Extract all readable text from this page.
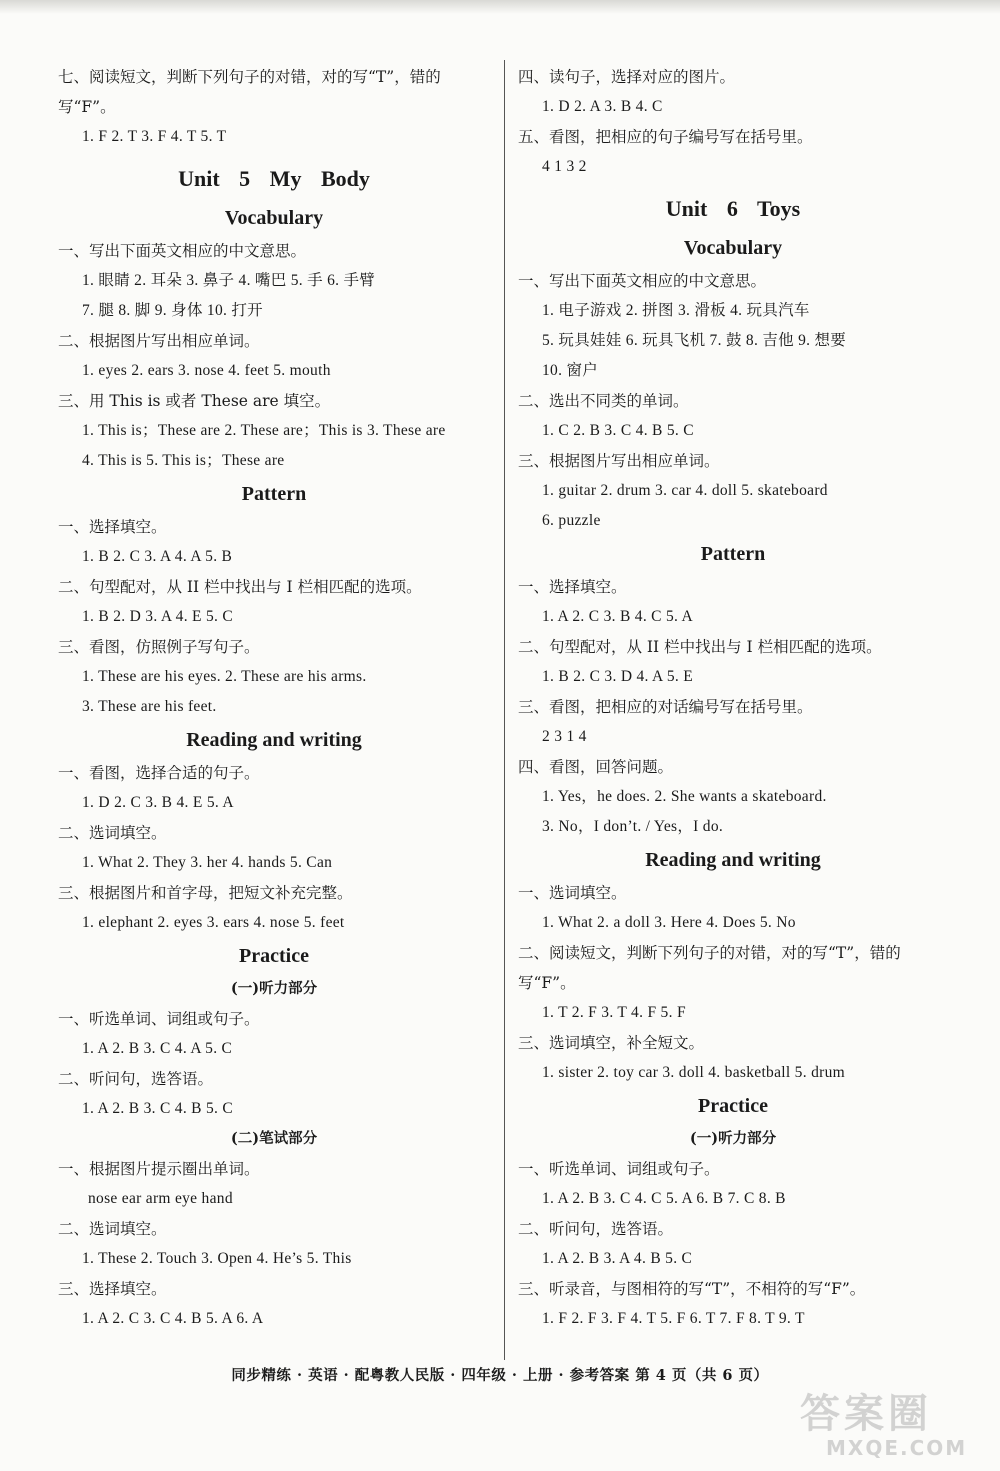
七、阅读短文，判断下列句子的对错，对的写“T”，错的写“F”。
1. F 2. T 3. F 4. T 5. T
Unit 5 My Body
Vocabulary
一、写出下面英文相应的中文意思。
1. 眼睛 2. 耳朵 3. 鼻子 4. 嘴巴 5. 手 6. 手臂
7. 腿 8. 脚 9. 身体 10. 打开
二、根据图片写出相应单词。
1. eyes 2. ears 3. nose 4. feet 5. mouth
三、用 This is 或者 These are 填空。
1. This is；These are 2. These are；This is 3. These are
4. This is 5. This is；These are
Pattern
一、选择填空。
1. B 2. C 3. A 4. A 5. B
二、句型配对，从 II 栏中找出与 I 栏相匹配的选项。
1. B 2. D 3. A 4. E 5. C
三、看图，仿照例子写句子。
1. These are his eyes. 2. These are his arms.
3. These are his feet.
Reading and writing
一、看图，选择合适的句子。
1. D 2. C 3. B 4. E 5. A
二、选词填空。
1. What 2. They 3. her 4. hands 5. Can
三、根据图片和首字母，把短文补充完整。
1. elephant 2. eyes 3. ears 4. nose 5. feet
Practice
(一)听力部分
一、听选单词、词组或句子。
1. A 2. B 3. C 4. A 5. C
二、听问句，选答语。
1. A 2. B 3. C 4. B 5. C
(二)笔试部分
一、根据图片提示圈出单词。
nose ear arm eye hand
二、选词填空。
1. These 2. Touch 3. Open 4. He’s 5. This
三、选择填空。
1. A 2. C 3. C 4. B 5. A 6. A
四、读句子，选择对应的图片。
1. D 2. A 3. B 4. C
五、看图，把相应的句子编号写在括号里。
4 1 3 2
Unit 6 Toys
Vocabulary
一、写出下面英文相应的中文意思。
1. 电子游戏 2. 拼图 3. 滑板 4. 玩具汽车
5. 玩具娃娃 6. 玩具飞机 7. 鼓 8. 吉他 9. 想要
10. 窗户
二、选出不同类的单词。
1. C 2. B 3. C 4. B 5. C
三、根据图片写出相应单词。
1. guitar 2. drum 3. car 4. doll 5. skateboard
6. puzzle
Pattern
一、选择填空。
1. A 2. C 3. B 4. C 5. A
二、句型配对，从 II 栏中找出与 I 栏相匹配的选项。
1. B 2. C 3. D 4. A 5. E
三、看图，把相应的对话编号写在括号里。
2 3 1 4
四、看图，回答问题。
1. Yes，he does. 2. She wants a skateboard.
3. No，I don’t. / Yes，I do.
Reading and writing
一、选词填空。
1. What 2. a doll 3. Here 4. Does 5. No
二、阅读短文，判断下列句子的对错，对的写“T”，错的写“F”。
1. T 2. F 3. T 4. F 5. F
三、选词填空，补全短文。
1. sister 2. toy car 3. doll 4. basketball 5. drum
Practice
(一)听力部分
一、听选单词、词组或句子。
1. A 2. B 3. C 4. C 5. A 6. B 7. C 8. B
二、听问句，选答语。
1. A 2. B 3. A 4. B 5. C
三、听录音，与图相符的写“T”，不相符的写“F”。
1. F 2. F 3. F 4. T 5. F 6. T 7. F 8. T 9. T
同步精练 · 英语 · 配粤教人民版 · 四年级 · 上册 · 参考答案 第 4 页（共 6 页）
答案圈
MXQE.COM
